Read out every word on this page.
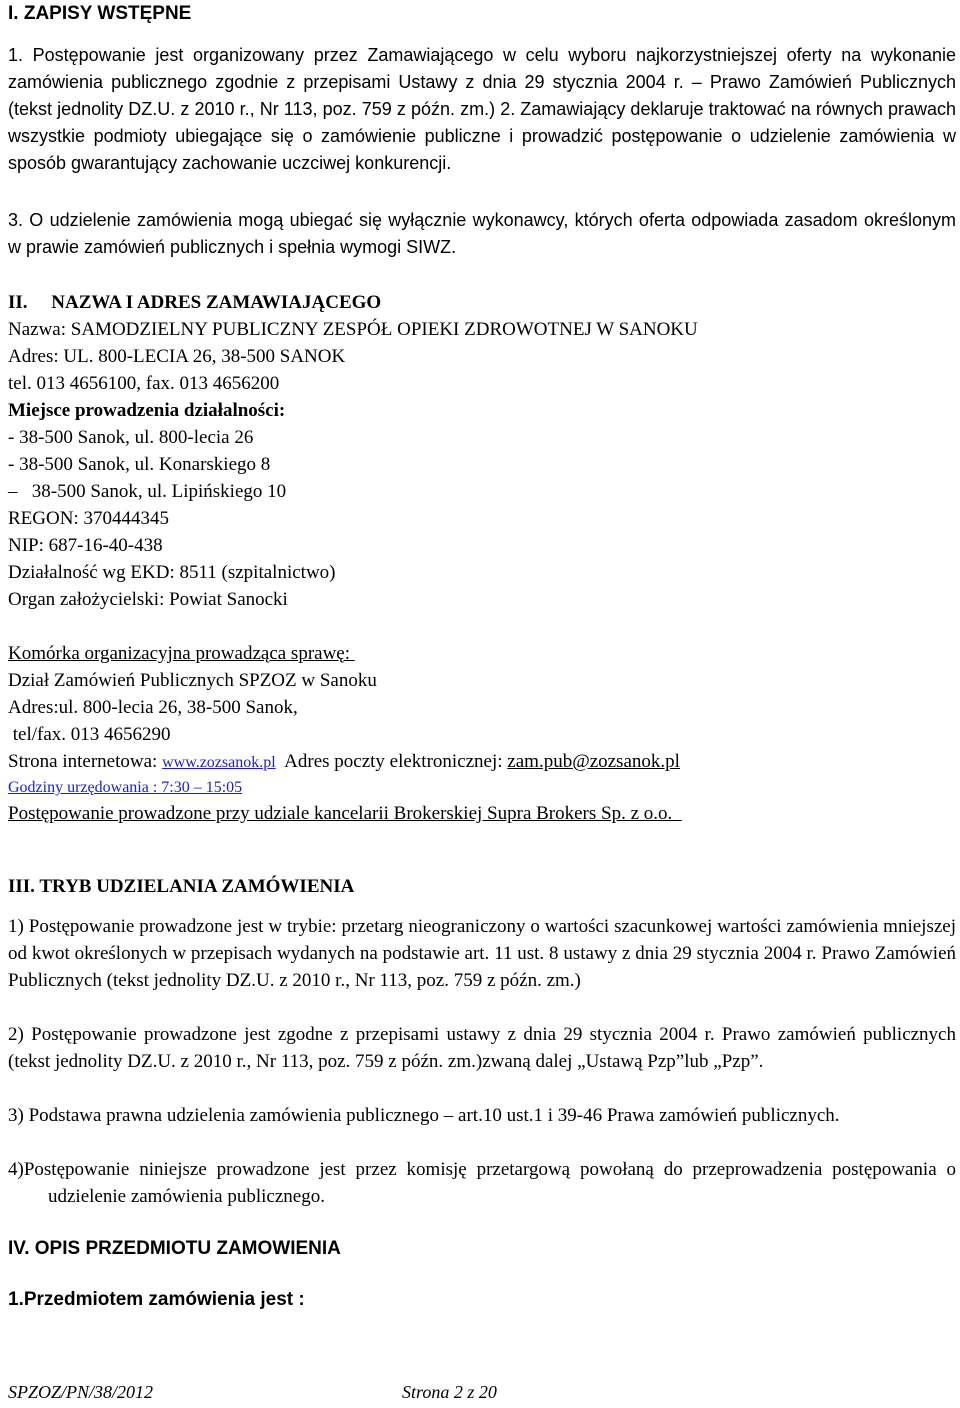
I. ZAPISY WSTĘPNE
1. Postępowanie jest organizowany przez Zamawiającego w celu wyboru najkorzystniejszej oferty na wykonanie zamówienia publicznego zgodnie z przepisami Ustawy z dnia 29 stycznia 2004 r. – Prawo Zamówień Publicznych (tekst jednolity DZ.U. z 2010 r., Nr 113, poz. 759 z późn. zm.) 2. Zamawiający deklaruje traktować na równych prawach wszystkie podmioty ubiegające się o zamówienie publiczne i prowadzić postępowanie o udzielenie zamówienia w sposób gwarantujący zachowanie uczciwej konkurencji.
3. O udzielenie zamówienia mogą ubiegać się wyłącznie wykonawcy, których oferta odpowiada zasadom określonym w prawie zamówień publicznych i spełnia wymogi SIWZ.
II.     NAZWA I ADRES ZAMAWIAJĄCEGO
Nazwa: SAMODZIELNY PUBLICZNY ZESPÓŁ OPIEKI ZDROWOTNEJ W SANOKU
Adres: UL. 800-LECIA 26, 38-500 SANOK
tel. 013 4656100, fax. 013 4656200
Miejsce prowadzenia działalności:
- 38-500 Sanok, ul. 800-lecia 26
- 38-500 Sanok, ul. Konarskiego 8
–   38-500 Sanok, ul. Lipińskiego 10
REGON: 370444345
NIP: 687-16-40-438
Działalność wg EKD: 8511 (szpitalnictwo)
Organ założycielski: Powiat Sanocki
Komórka organizacyjna prowadząca sprawę:
Dział Zamówień Publicznych SPZOZ w Sanoku
Adres:ul. 800-lecia 26, 38-500 Sanok,
tel/fax. 013 4656290
Strona internetowa: www.zozsanok.pl  Adres poczty elektronicznej: zam.pub@zozsanok.pl
Godziny urzędowania : 7:30 – 15:05
Postępowanie prowadzone przy udziale kancelarii Brokerskiej Supra Brokers Sp. z o.o.
III. TRYB UDZIELANIA ZAMÓWIENIA
1) Postępowanie prowadzone jest w trybie: przetarg nieograniczony o wartości szacunkowej wartości zamówienia mniejszej od kwot określonych w przepisach wydanych na podstawie art. 11 ust. 8 ustawy z dnia 29 stycznia 2004 r. Prawo Zamówień Publicznych (tekst jednolity DZ.U. z 2010 r., Nr 113, poz. 759 z późn. zm.)
2) Postępowanie prowadzone jest zgodne z przepisami ustawy z dnia 29 stycznia 2004 r. Prawo zamówień publicznych (tekst jednolity DZ.U. z 2010 r., Nr 113, poz. 759 z późn. zm.)zwaną dalej „Ustawą Pzp”lub „Pzp”.
3) Podstawa prawna udzielenia zamówienia publicznego – art.10 ust.1 i 39-46 Prawa zamówień publicznych.
4)Postępowanie niniejsze prowadzone jest przez komisję przetargową powołaną do przeprowadzenia postępowania o udzielenie zamówienia publicznego.
IV. OPIS PRZEDMIOTU ZAMOWIENIA
1.Przedmiotem zamówienia jest :
SPZOZ/PN/38/2012	Strona 2 z 20
